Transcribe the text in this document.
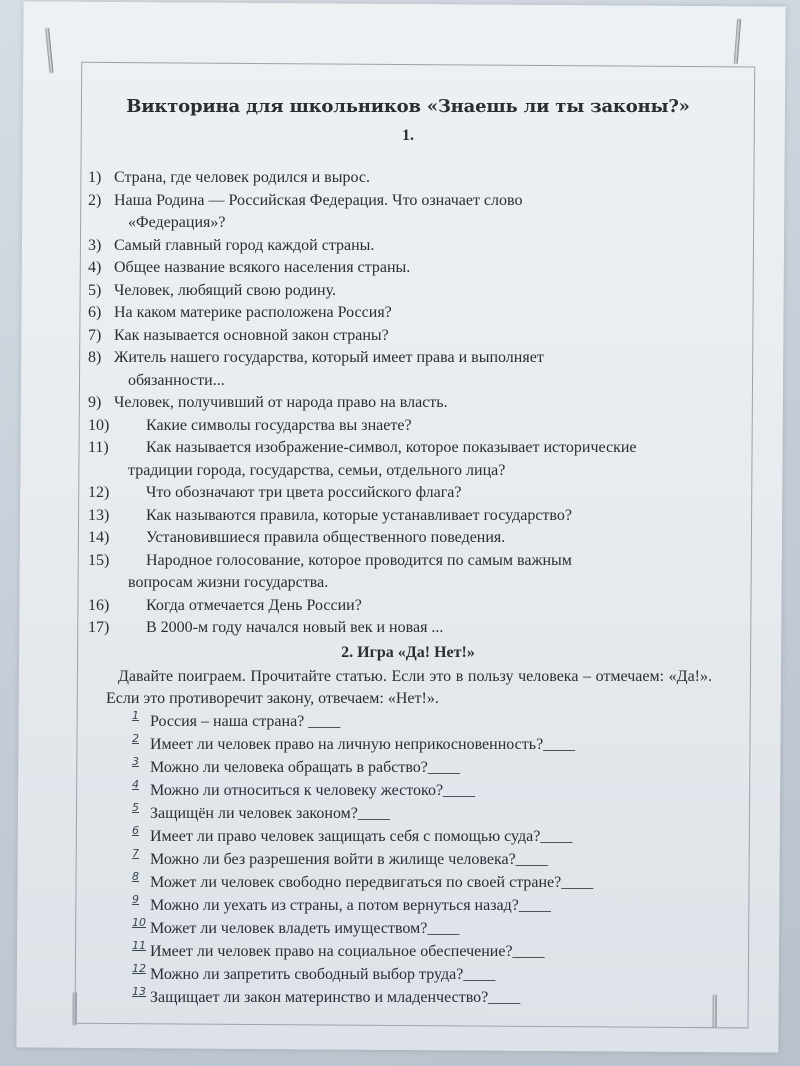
Викторина для школьников «Знаешь ли ты законы?»
1.
1) Страна, где человек родился и вырос.
2) Наша Родина — Российская Федерация. Что означает слово
«Федерация»?
3) Самый главный город каждой страны.
4) Общее название всякого населения страны.
5) Человек, любящий свою родину.
6) На каком материке расположена Россия?
7) Как называется основной закон страны?
8) Житель нашего государства, который имеет права и выполняет
обязанности...
9) Человек, получивший от народа право на власть.
10)	Какие символы государства вы знаете?
11)	Как называется изображение-символ, которое показывает исторические
традиции города, государства, семьи, отдельного лица?
12)	Что обозначают три цвета российского флага?
13)	Как называются правила, которые устанавливает государство?
14)	Установившиеся правила общественного поведения.
15)	Народное голосование, которое проводится по самым важным
вопросам жизни государства.
16)	Когда отмечается День России?
17)	В 2000-м году начался новый век и новая ...
2. Игра «Да! Нет!»
Давайте поиграем. Прочитайте статью. Если это в пользу человека – отмечаем: «Да!». Если это противоречит закону, отвечаем: «Нет!».
1 Россия – наша страна? ____
2 Имеет ли человек право на личную неприкосновенность?____
3 Можно ли человека обращать в рабство?____
4 Можно ли относиться к человеку жестоко?____
5 Защищён ли человек законом?____
6 Имеет ли право человек защищать себя с помощью суда?____
7 Можно ли без разрешения войти в жилище человека?____
8 Может ли человек свободно передвигаться по своей стране?____
9 Можно ли уехать из страны, а потом вернуться назад?____
10 Может ли человек владеть имуществом?____
11 Имеет ли человек право на социальное обеспечение?____
12 Можно ли запретить свободный выбор труда?____
13 Защищает ли закон материнство и младенчество?____
